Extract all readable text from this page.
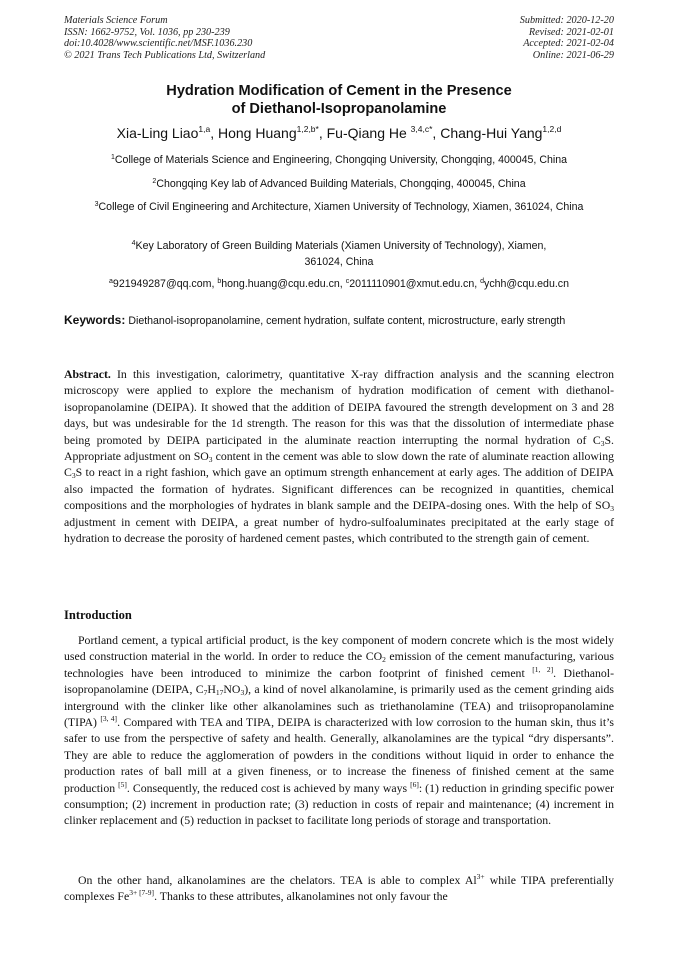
Materials Science Forum
ISSN: 1662-9752, Vol. 1036, pp 230-239
doi:10.4028/www.scientific.net/MSF.1036.230
© 2021 Trans Tech Publications Ltd, Switzerland
Submitted: 2020-12-20
Revised: 2021-02-01
Accepted: 2021-02-04
Online: 2021-06-29
Hydration Modification of Cement in the Presence
of Diethanol-Isopropanolamine
Xia-Ling Liao$^{1,a}$, Hong Huang$^{1,2,b*}$, Fu-Qiang He $^{3,4,c*}$, Chang-Hui Yang$^{1,2,d}$
$^1$College of Materials Science and Engineering, Chongqing University, Chongqing, 400045, China
$^2$Chongqing Key lab of Advanced Building Materials, Chongqing, 400045, China
$^3$College of Civil Engineering and Architecture, Xiamen University of Technology, Xiamen, 361024, China
$^4$Key Laboratory of Green Building Materials (Xiamen University of Technology), Xiamen, 361024, China
$^a$921949287@qq.com, $^b$hong.huang@cqu.edu.cn, $^c$2011110901@xmut.edu.cn, $^d$ychh@cqu.edu.cn
Keywords: Diethanol-isopropanolamine, cement hydration, sulfate content, microstructure, early strength
Abstract. In this investigation, calorimetry, quantitative X-ray diffraction analysis and the scanning electron microscopy were applied to explore the mechanism of hydration modification of cement with diethanol-isopropanolamine (DEIPA). It showed that the addition of DEIPA favoured the strength development on 3 and 28 days, but was undesirable for the 1d strength. The reason for this was that the dissolution of intermediate phase being promoted by DEIPA participated in the aluminate reaction interrupting the normal hydration of $C_3S$. Appropriate adjustment on $SO_3$ content in the cement was able to slow down the rate of aluminate reaction allowing $C_3S$ to react in a right fashion, which gave an optimum strength enhancement at early ages. The addition of DEIPA also impacted the formation of hydrates. Significant differences can be recognized in quantities, chemical compositions and the morphologies of hydrates in blank sample and the DEIPA-dosing ones. With the help of $SO_3$ adjustment in cement with DEIPA, a great number of hydro-sulfoaluminates precipitated at the early stage of hydration to decrease the porosity of hardened cement pastes, which contributed to the strength gain of cement.
Introduction
Portland cement, a typical artificial product, is the key component of modern concrete which is the most widely used construction material in the world. In order to reduce the $CO_2$ emission of the cement manufacturing, various technologies have been introduced to minimize the carbon footprint of finished cement [1, 2]. Diethanol-isopropanolamine (DEIPA, $C_7H_{17}NO_3$), a kind of novel alkanolamine, is primarily used as the cement grinding aids interground with the clinker like other alkanolamines such as triethanolamine (TEA) and triisopropanolamine (TIPA) [3, 4]. Compared with TEA and TIPA, DEIPA is characterized with low corrosion to the human skin, thus it’s safer to use from the perspective of safety and health. Generally, alkanolamines are the typical “dry dispersants”. They are able to reduce the agglomeration of powders in the conditions without liquid in order to enhance the production rates of ball mill at a given fineness, or to increase the fineness of finished cement at the same production [5]. Consequently, the reduced cost is achieved by many ways [6]: (1) reduction in grinding specific power consumption; (2) increment in production rate; (3) reduction in costs of repair and maintenance; (4) increment in clinker replacement and (5) reduction in packset to facilitate long periods of storage and transportation.
On the other hand, alkanolamines are the chelators. TEA is able to complex $Al^{3+}$ while TIPA preferentially complexes $Fe^{3+}$ [7-9]. Thanks to these attributes, alkanolamines not only favour the
